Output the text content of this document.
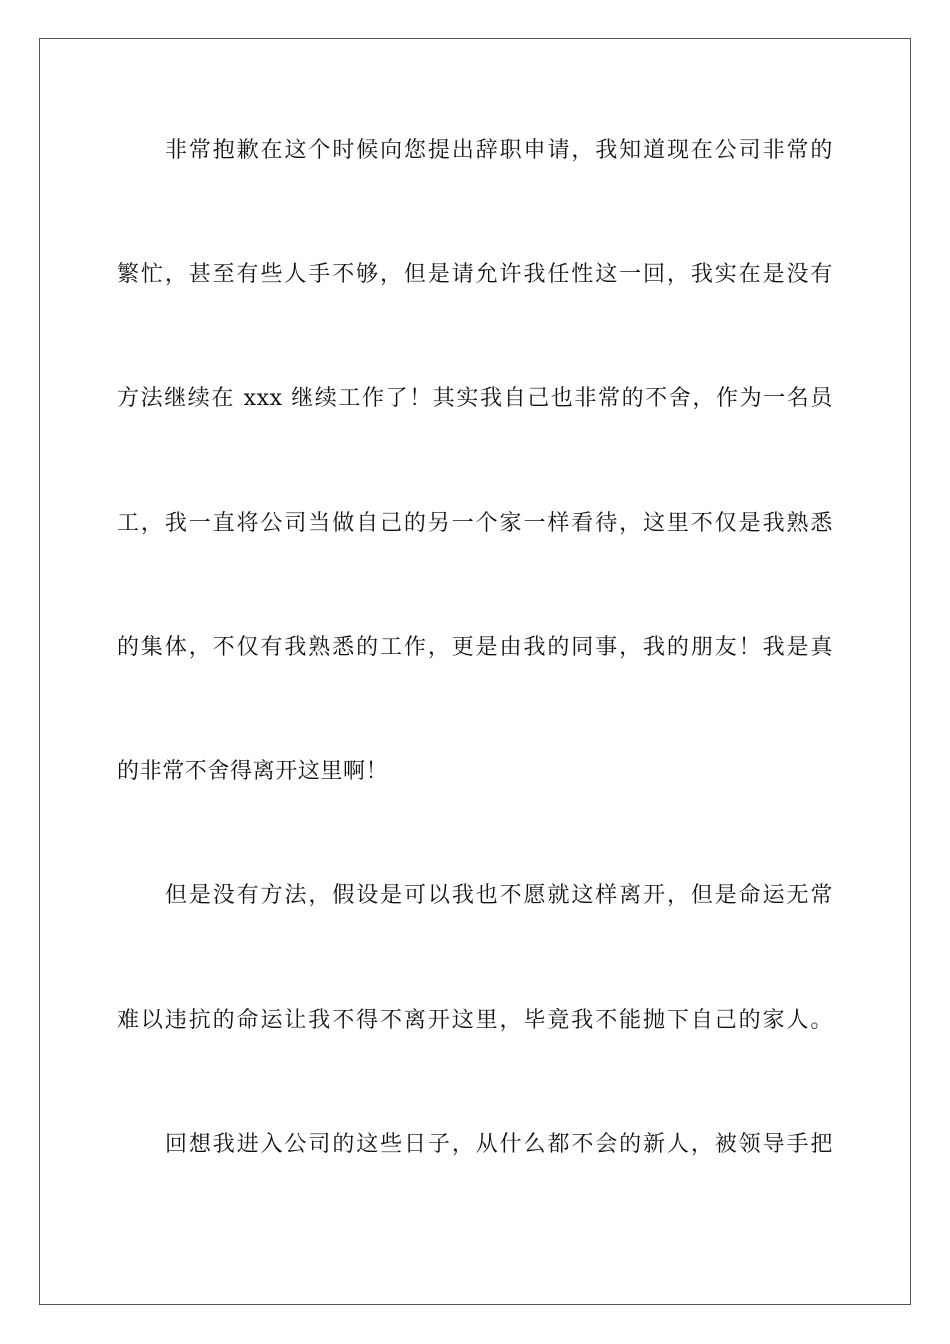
非常抱歉在这个时候向您提出辞职申请，我知道现在公司非常的
繁忙，甚至有些人手不够，但是请允许我任性这一回，我实在是没有
方法继续在 xxx 继续工作了！其实我自己也非常的不舍，作为一名员
工，我一直将公司当做自己的另一个家一样看待，这里不仅是我熟悉
的集体，不仅有我熟悉的工作，更是由我的同事，我的朋友！我是真
的非常不舍得离开这里啊！
但是没有方法，假设是可以我也不愿就这样离开，但是命运无常
难以违抗的命运让我不得不离开这里，毕竟我不能抛下自己的家人。
回想我进入公司的这些日子，从什么都不会的新人，被领导手把
